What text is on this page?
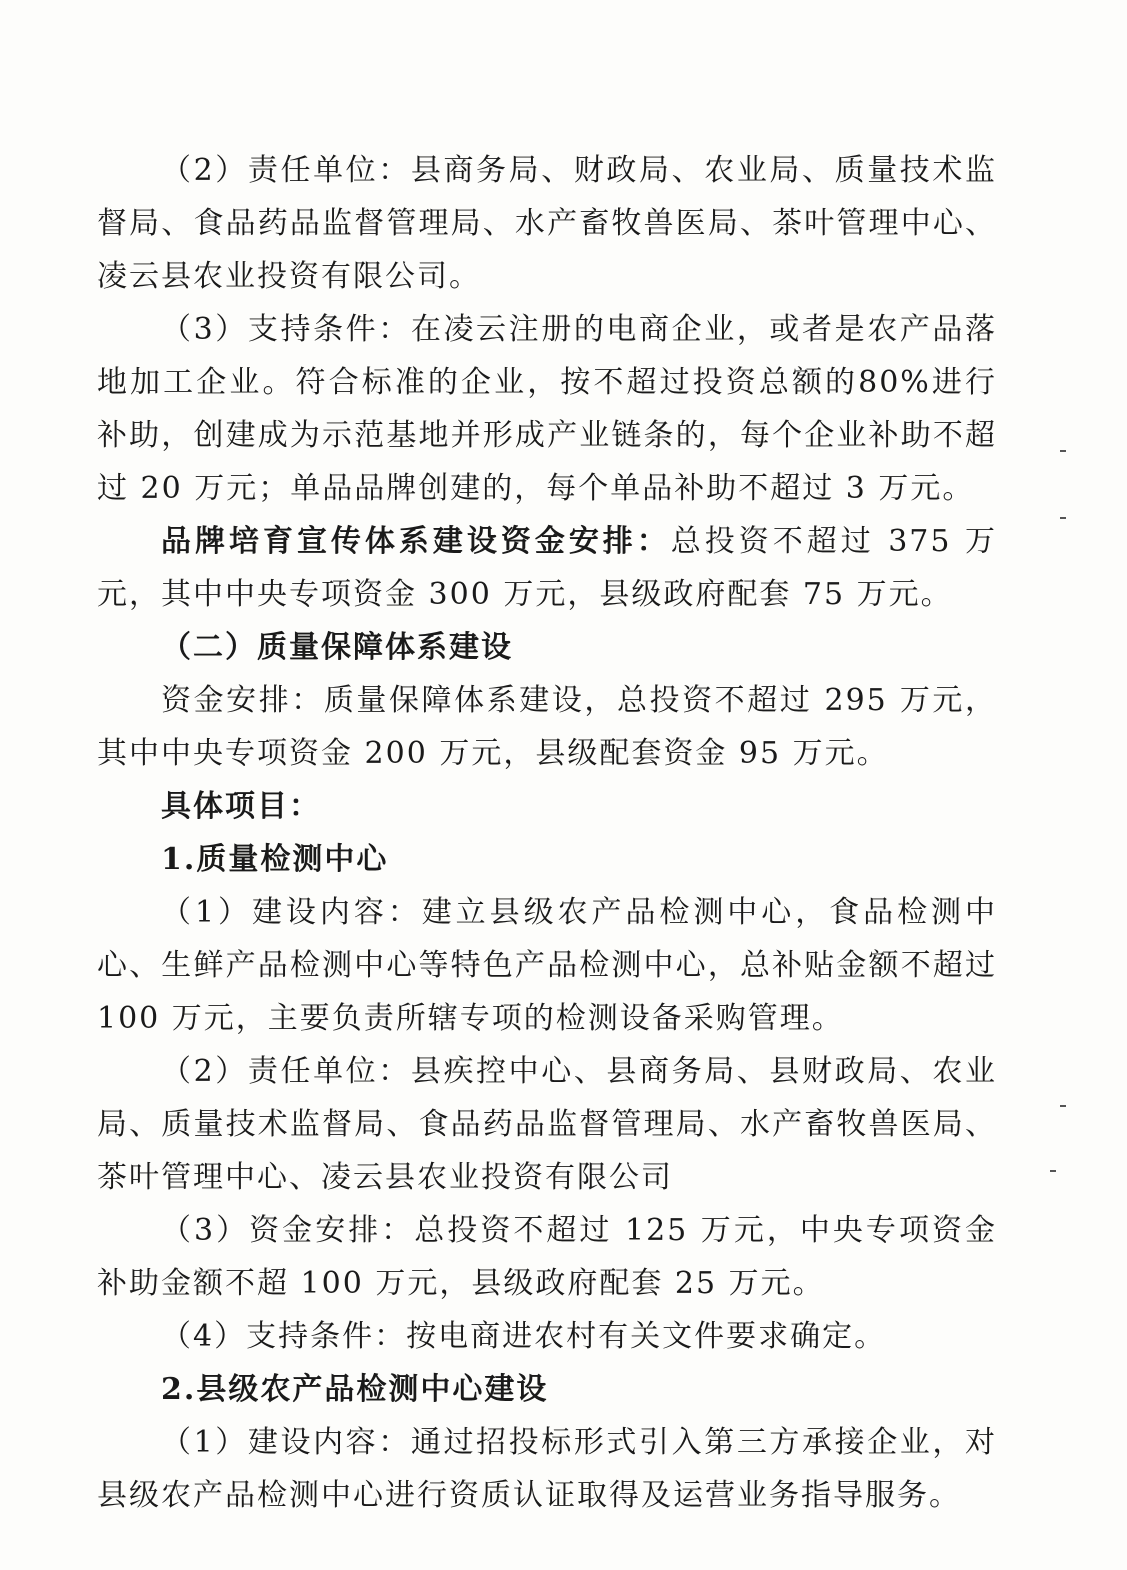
（2）责任单位：县商务局、财政局、农业局、质量技术监督局、食品药品监督管理局、水产畜牧兽医局、茶叶管理中心、凌云县农业投资有限公司。

（3）支持条件：在凌云注册的电商企业，或者是农产品落地加工企业。符合标准的企业，按不超过投资总额的80%进行补助，创建成为示范基地并形成产业链条的，每个企业补助不超过 20 万元；单品品牌创建的，每个单品补助不超过 3 万元。

品牌培育宣传体系建设资金安排：总投资不超过 375 万元，其中中央专项资金 300 万元，县级政府配套 75 万元。

（二）质量保障体系建设

资金安排：质量保障体系建设，总投资不超过 295 万元，其中中央专项资金 200 万元，县级配套资金 95 万元。

具体项目：

1.质量检测中心

（1）建设内容：建立县级农产品检测中心，食品检测中心、生鲜产品检测中心等特色产品检测中心，总补贴金额不超过 100 万元，主要负责所辖专项的检测设备采购管理。

（2）责任单位：县疾控中心、县商务局、县财政局、农业局、质量技术监督局、食品药品监督管理局、水产畜牧兽医局、茶叶管理中心、凌云县农业投资有限公司

（3）资金安排：总投资不超过 125 万元，中央专项资金补助金额不超 100 万元，县级政府配套 25 万元。

（4）支持条件：按电商进农村有关文件要求确定。

2.县级农产品检测中心建设

（1）建设内容：通过招投标形式引入第三方承接企业，对县级农产品检测中心进行资质认证取得及运营业务指导服务。
